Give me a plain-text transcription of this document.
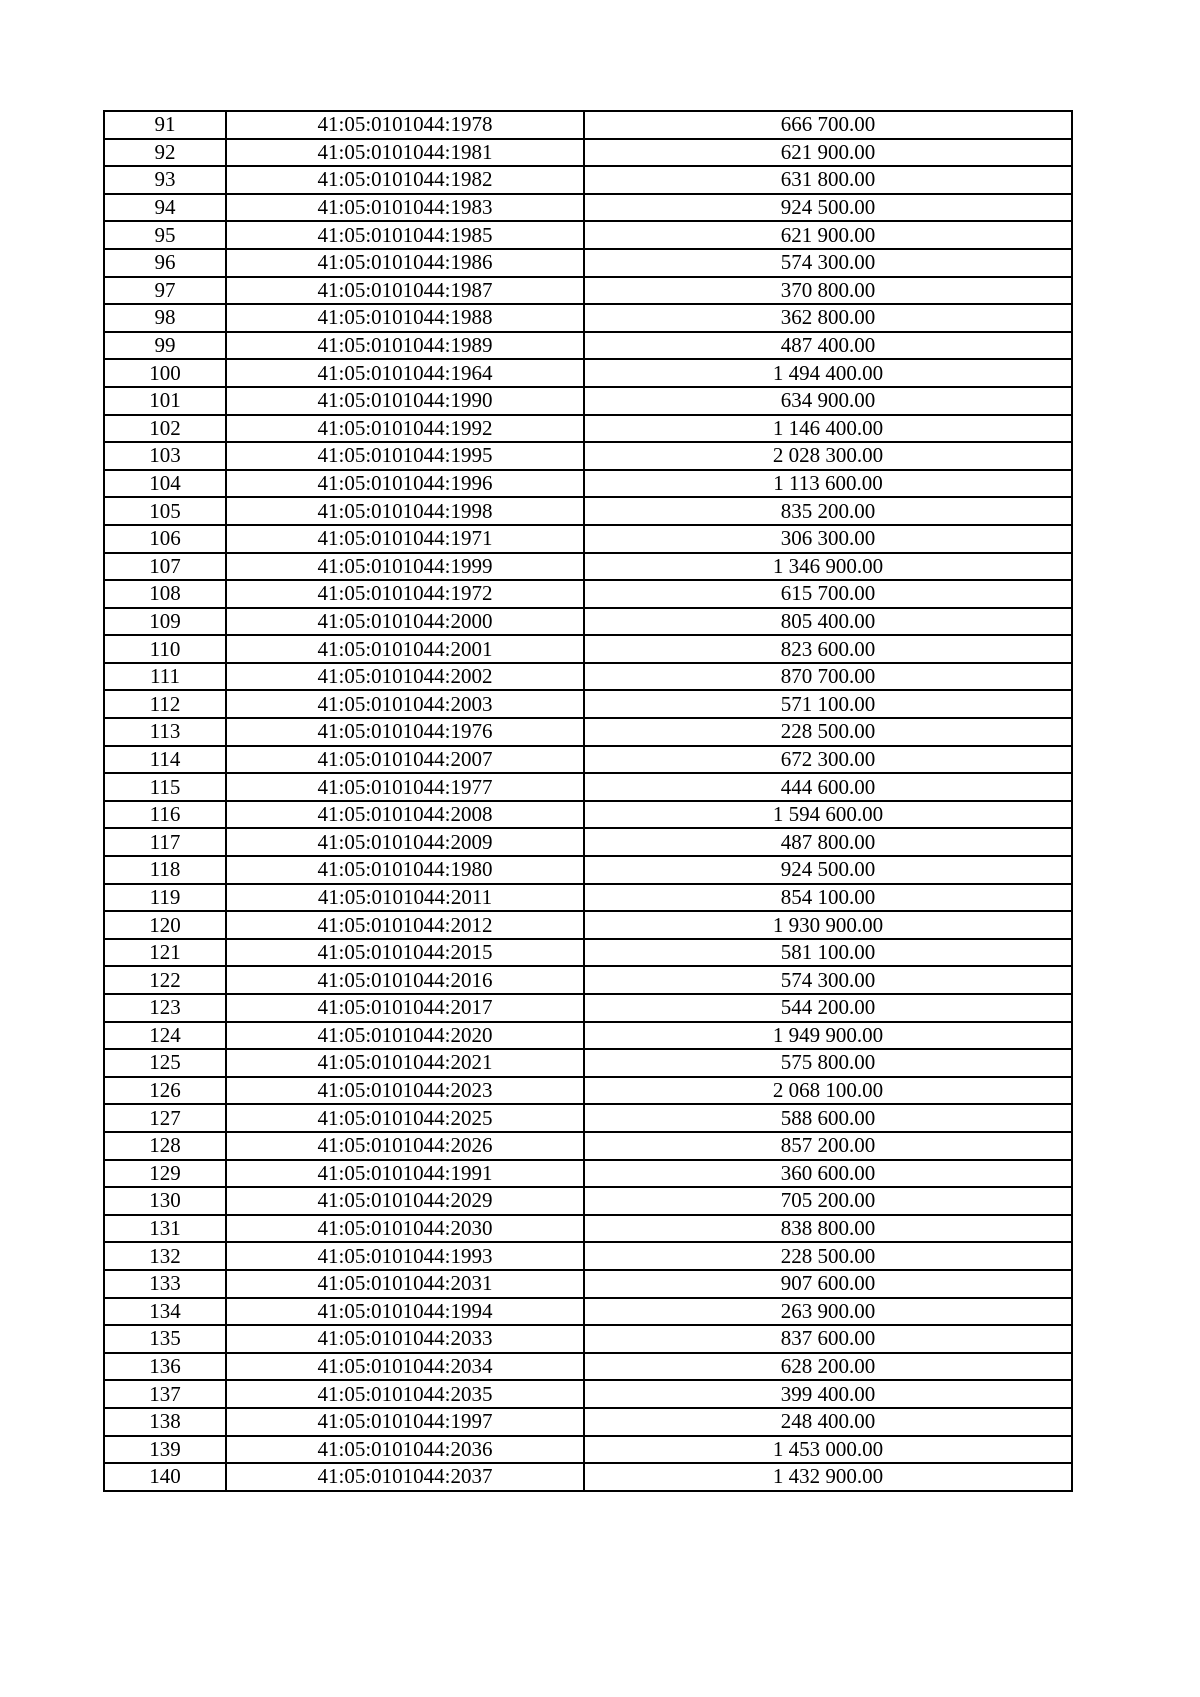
91	41:05:0101044:1978	666 700.00
92	41:05:0101044:1981	621 900.00
93	41:05:0101044:1982	631 800.00
94	41:05:0101044:1983	924 500.00
95	41:05:0101044:1985	621 900.00
96	41:05:0101044:1986	574 300.00
97	41:05:0101044:1987	370 800.00
98	41:05:0101044:1988	362 800.00
99	41:05:0101044:1989	487 400.00
100	41:05:0101044:1964	1 494 400.00
101	41:05:0101044:1990	634 900.00
102	41:05:0101044:1992	1 146 400.00
103	41:05:0101044:1995	2 028 300.00
104	41:05:0101044:1996	1 113 600.00
105	41:05:0101044:1998	835 200.00
106	41:05:0101044:1971	306 300.00
107	41:05:0101044:1999	1 346 900.00
108	41:05:0101044:1972	615 700.00
109	41:05:0101044:2000	805 400.00
110	41:05:0101044:2001	823 600.00
111	41:05:0101044:2002	870 700.00
112	41:05:0101044:2003	571 100.00
113	41:05:0101044:1976	228 500.00
114	41:05:0101044:2007	672 300.00
115	41:05:0101044:1977	444 600.00
116	41:05:0101044:2008	1 594 600.00
117	41:05:0101044:2009	487 800.00
118	41:05:0101044:1980	924 500.00
119	41:05:0101044:2011	854 100.00
120	41:05:0101044:2012	1 930 900.00
121	41:05:0101044:2015	581 100.00
122	41:05:0101044:2016	574 300.00
123	41:05:0101044:2017	544 200.00
124	41:05:0101044:2020	1 949 900.00
125	41:05:0101044:2021	575 800.00
126	41:05:0101044:2023	2 068 100.00
127	41:05:0101044:2025	588 600.00
128	41:05:0101044:2026	857 200.00
129	41:05:0101044:1991	360 600.00
130	41:05:0101044:2029	705 200.00
131	41:05:0101044:2030	838 800.00
132	41:05:0101044:1993	228 500.00
133	41:05:0101044:2031	907 600.00
134	41:05:0101044:1994	263 900.00
135	41:05:0101044:2033	837 600.00
136	41:05:0101044:2034	628 200.00
137	41:05:0101044:2035	399 400.00
138	41:05:0101044:1997	248 400.00
139	41:05:0101044:2036	1 453 000.00
140	41:05:0101044:2037	1 432 900.00
